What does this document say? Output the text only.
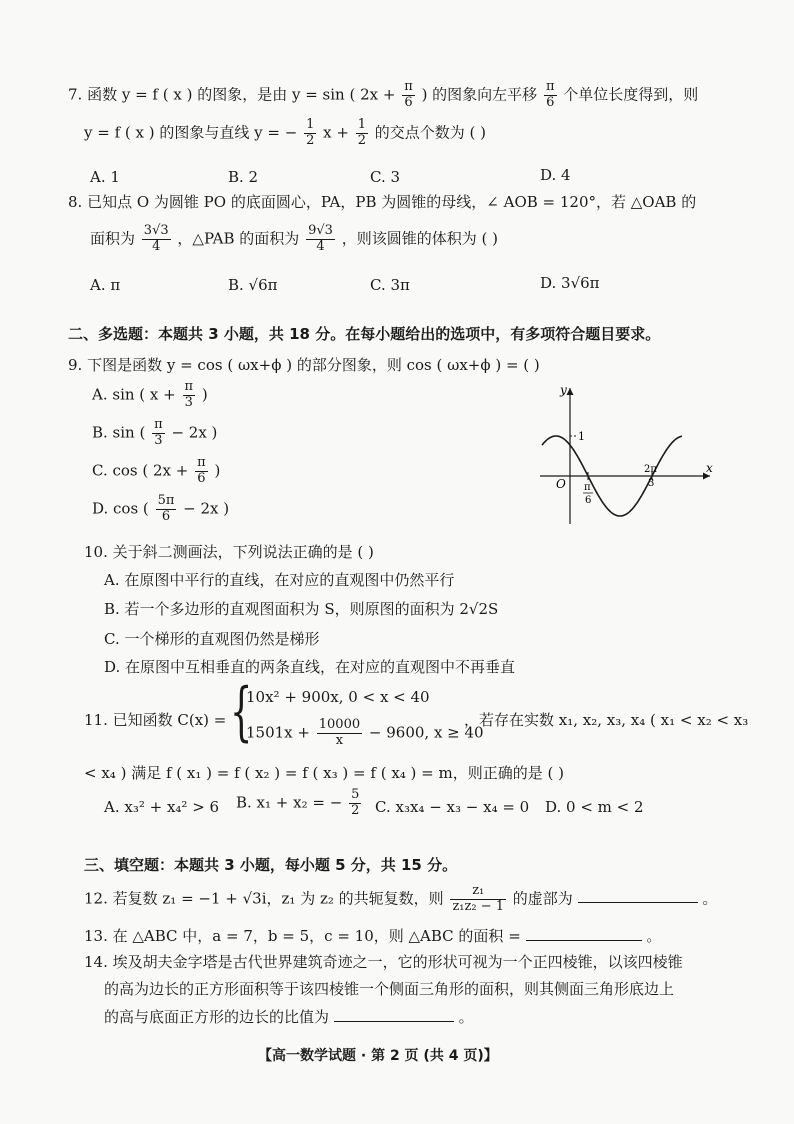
7. 函数 y = f ( x ) 的图象，是由 y = sin ( $2x + \frac{\pi}{6}$ ) 的图象向左平移 $\frac{\pi}{6}$ 个单位长度得到，则
y = f ( x ) 的图象与直线 y = − $\frac{1}{2}$ $x + \frac{1}{2}$ 的交点个数为 ( )
A. 1	B. 2	C. 3	D. 4
8. 已知点 O 为圆锥 PO 的底面圆心，PA，PB 为圆锥的母线，∠ AOB = 120°，若 △OAB 的
面积为 $\frac{3√3}{4}$ ，△PAB 的面积为 $\frac{9√3}{4}$ ，则该圆锥的体积为 ( )
A. π	B. √6π	C. 3π	D. 3√6π
二、多选题：本题共 3 小题，共 18 分。在每小题给出的选项中，有多项符合题目要求。
9. 下图是函数 y = cos ( ωx+ϕ ) 的部分图象，则 cos ( ωx+ϕ ) = ( )
A. sin ( $x + \frac{\pi}{3}$ )
B. sin ( $\frac{\pi}{3} - 2x$ )
C. cos ( $2x + \frac{\pi}{6}$ )
D. cos ( $\frac{5\pi}{6} - 2x$ )
y
x
O
1
π
6
2π
3
10. 关于斜二测画法，下列说法正确的是 ( )
A. 在原图中平行的直线，在对应的直观图中仍然平行
B. 若一个多边形的直观图面积为 S，则原图的面积为 2√2S
C. 一个梯形的直观图仍然是梯形
D. 在原图中互相垂直的两条直线，在对应的直观图中不再垂直
11. 已知函数 C(x) = {
10x² + 900x, 0 < x < 40
$1501x + \frac{10000}{x} - 9600$, x ≥ 40
，若存在实数 x₁, x₂, x₃, x₄ ( x₁ < x₂ < x₃
< x₄ ) 满足 f ( x₁ ) = f ( x₂ ) = f ( x₃ ) = f ( x₄ ) = m，则正确的是 ( )
A. x₃² + x₄² > 6 B. x₁ + x₂ = − $\frac{5}{2} C$. x₃x₄ − x₃ − x₄ = 0 D. 0 < m < 2
三、填空题：本题共 3 小题，每小题 5 分，共 15 分。
12. 若复数 z₁ = −1 + √3i，z₁ 为 z₂ 的共轭复数，则 $\frac{\text{z₁}}{\text{z₁z₂ − 1}}$ 的虚部为	。
13. 在 △ABC 中，a = 7，b = 5，c = 10，则 △ABC 的面积 =	。
14. 埃及胡夫金字塔是古代世界建筑奇迹之一，它的形状可视为一个正四棱锥，以该四棱锥
的高为边长的正方形面积等于该四棱锥一个侧面三角形的面积，则其侧面三角形底边上
的高与底面正方形的边长的比值为	。
【高一数学试题 · 第 2 页 (共 4 页)】
